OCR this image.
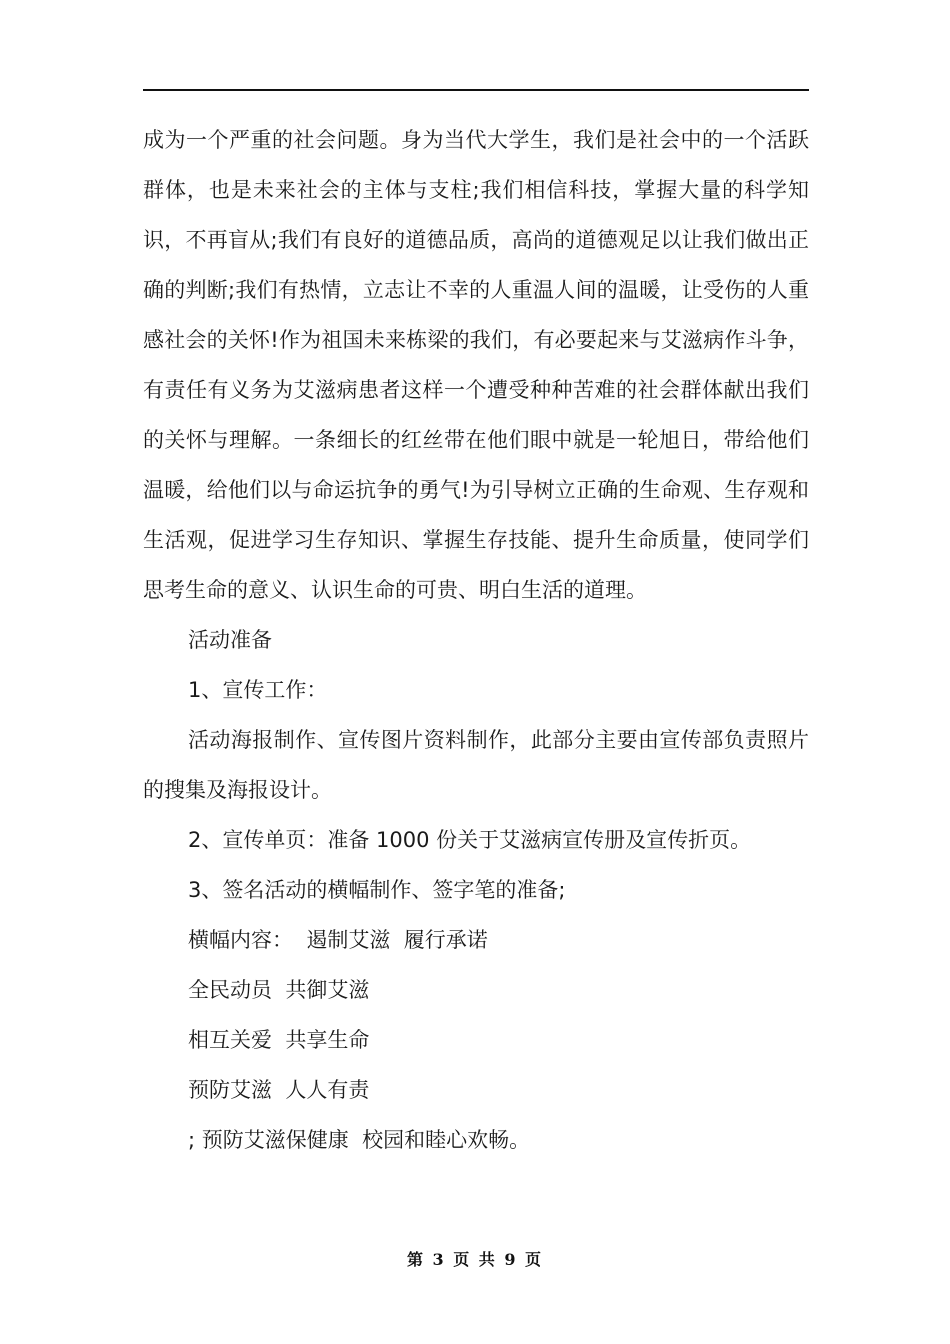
成为一个严重的社会问题。身为当代大学生，我们是社会中的一个活跃群体，也是未来社会的主体与支柱;我们相信科技，掌握大量的科学知识，不再盲从;我们有良好的道德品质，高尚的道德观足以让我们做出正确的判断;我们有热情，立志让不幸的人重温人间的温暖，让受伤的人重感社会的关怀!作为祖国未来栋梁的我们，有必要起来与艾滋病作斗争，有责任有义务为艾滋病患者这样一个遭受种种苦难的社会群体献出我们的关怀与理解。一条细长的红丝带在他们眼中就是一轮旭日，带给他们温暖，给他们以与命运抗争的勇气!为引导树立正确的生命观、生存观和生活观，促进学习生存知识、掌握生存技能、提升生命质量，使同学们思考生命的意义、认识生命的可贵、明白生活的道理。

活动准备

1、宣传工作：

活动海报制作、宣传图片资料制作，此部分主要由宣传部负责照片的搜集及海报设计。

2、宣传单页：准备 1000 份关于艾滋病宣传册及宣传折页。

3、签名活动的横幅制作、签字笔的准备;

横幅内容：  遏制艾滋  履行承诺

全民动员  共御艾滋

相互关爱  共享生命

预防艾滋  人人有责

; 预防艾滋保健康  校园和睦心欢畅。

第 3 页 共 9 页
